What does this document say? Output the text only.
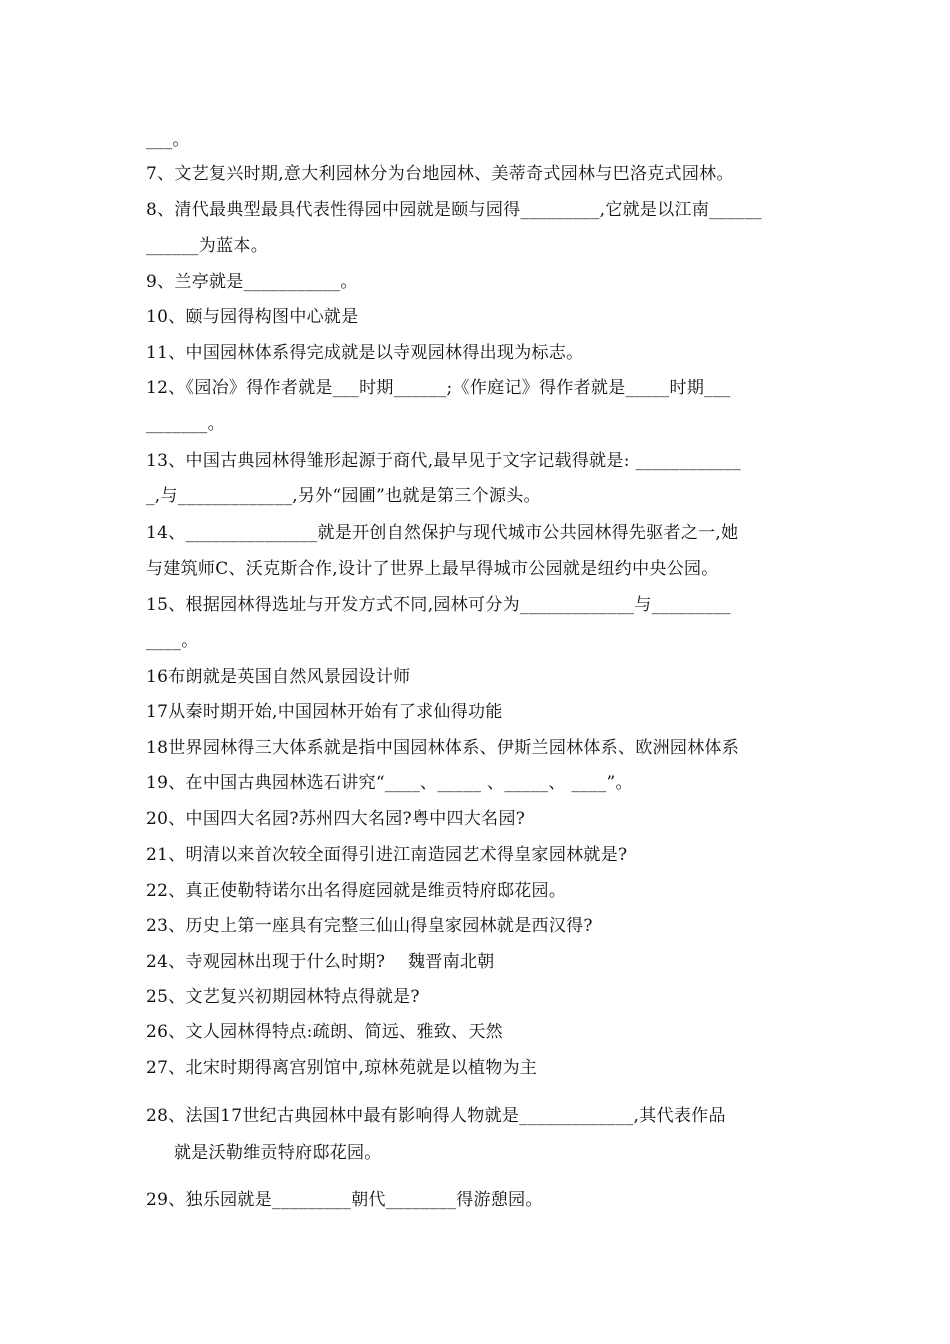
___。
7、文艺复兴时期,意大利园林分为台地园林、美蒂奇式园林与巴洛克式园林。
8、清代最典型最具代表性得园中园就是颐与园得_________,它就是以江南______
______为蓝本。
9、兰亭就是___________。
10、颐与园得构图中心就是
11、中国园林体系得完成就是以寺观园林得出现为标志。
12、《园冶》得作者就是___时期______;《作庭记》得作者就是_____时期___
_______。
13、中国古典园林得雏形起源于商代,最早见于文字记载得就是: ____________
_,与_____________,另外“园圃”也就是第三个源头。
14、_______________就是开创自然保护与现代城市公共园林得先驱者之一,她
与建筑师C、沃克斯合作,设计了世界上最早得城市公园就是纽约中央公园。
15、根据园林得选址与开发方式不同,园林可分为_____________与_________
____。
16布朗就是英国自然风景园设计师
17从秦时期开始,中国园林开始有了求仙得功能
18世界园林得三大体系就是指中国园林体系、伊斯兰园林体系、欧洲园林体系
19、在中国古典园林选石讲究“____、_____ 、_____、 ____”。
20、中国四大名园?苏州四大名园?粤中四大名园?
21、明清以来首次较全面得引进江南造园艺术得皇家园林就是?
22、真正使勒特诺尔出名得庭园就是维贡特府邸花园。
23、历史上第一座具有完整三仙山得皇家园林就是西汉得?
24、寺观园林出现于什么时期?    魏晋南北朝
25、文艺复兴初期园林特点得就是?
26、文人园林得特点:疏朗、简远、雅致、天然
27、北宋时期得离宫别馆中,琼林苑就是以植物为主
28、法国17世纪古典园林中最有影响得人物就是_____________,其代表作品
就是沃勒维贡特府邸花园。
29、独乐园就是_________朝代________得游憩园。
